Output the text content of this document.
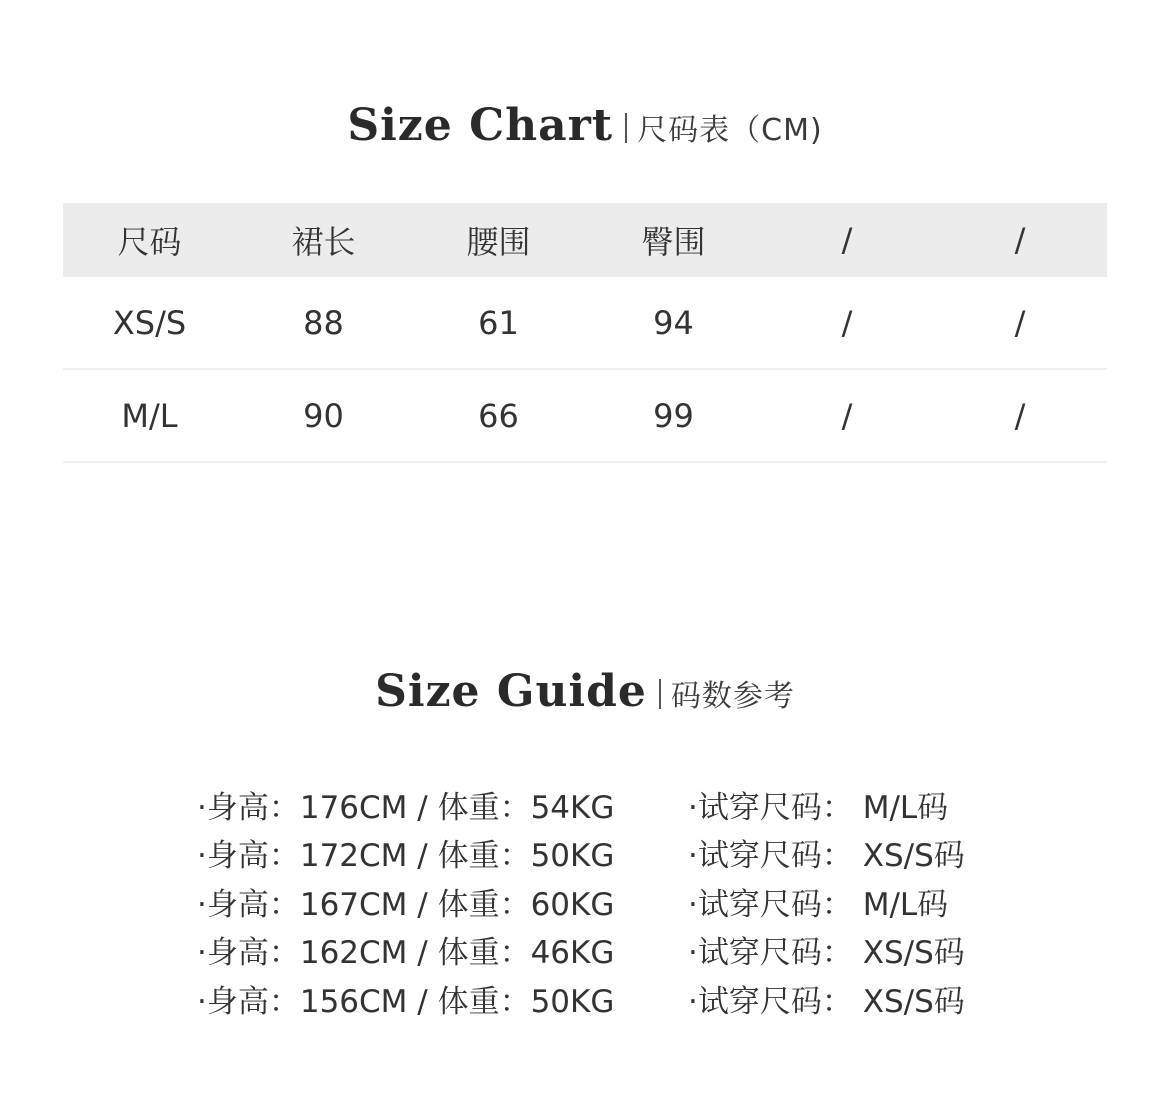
Size Chart 尺码表（CM)
尺码	裙长	腰围	臀围	/	/
XS/S	88	61	94	/	/
M/L	90	66	99	/	/
Size Guide 码数参考
·身高：176CM / 体重：54KG ·试穿尺码： M/L码
·身高：172CM / 体重：50KG ·试穿尺码： XS/S码
·身高：167CM / 体重：60KG ·试穿尺码： M/L码
·身高：162CM / 体重：46KG ·试穿尺码： XS/S码
·身高：156CM / 体重：50KG ·试穿尺码： XS/S码
